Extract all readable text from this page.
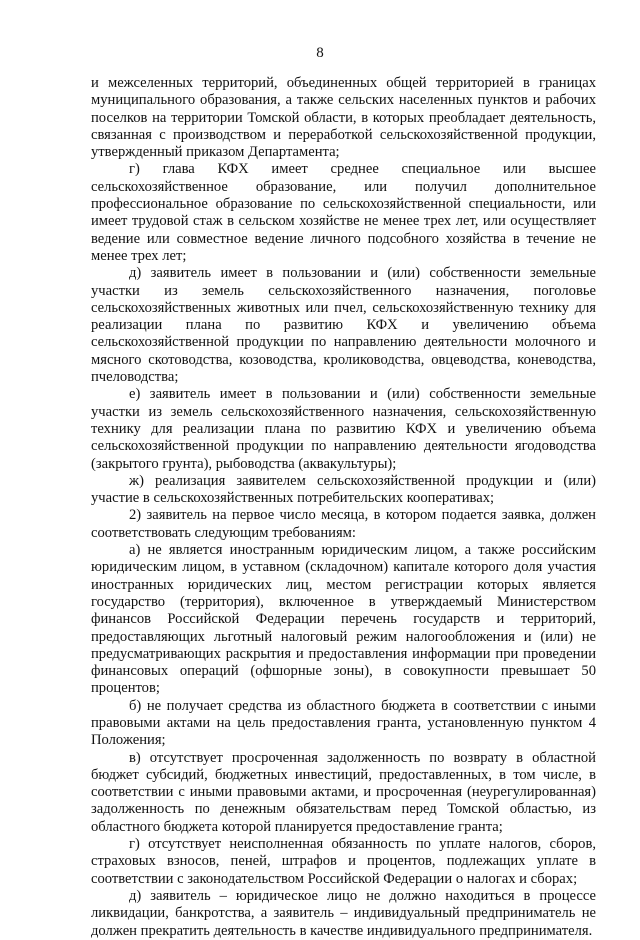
8

и межселенных территорий, объединенных общей территорией в границах муниципального образования, а также сельских населенных пунктов и рабочих поселков на территории Томской области, в которых преобладает деятельность, связанная с производством и переработкой сельскохозяйственной продукции, утвержденный приказом Департамента;

г) глава КФХ имеет среднее специальное или высшее сельскохозяйственное образование, или получил дополнительное профессиональное образование по сельскохозяйственной специальности, или имеет трудовой стаж в сельском хозяйстве не менее трех лет, или осуществляет ведение или совместное ведение личного подсобного хозяйства в течение не менее трех лет;

д) заявитель имеет в пользовании и (или) собственности земельные участки из земель сельскохозяйственного назначения, поголовье сельскохозяйственных животных или пчел, сельскохозяйственную технику для реализации плана по развитию КФХ и увеличению объема сельскохозяйственной продукции по направлению деятельности молочного и мясного скотоводства, козоводства, кролиководства, овцеводства, коневодства, пчеловодства;

е) заявитель имеет в пользовании и (или) собственности земельные участки из земель сельскохозяйственного назначения, сельскохозяйственную технику для реализации плана по развитию КФХ и увеличению объема сельскохозяйственной продукции по направлению деятельности ягодоводства (закрытого грунта), рыбоводства (аквакультуры);

ж) реализация заявителем сельскохозяйственной продукции и (или) участие в сельскохозяйственных потребительских кооперативах;

2) заявитель на первое число месяца, в котором подается заявка, должен соответствовать следующим требованиям:

а) не является иностранным юридическим лицом, а также российским юридическим лицом, в уставном (складочном) капитале которого доля участия иностранных юридических лиц, местом регистрации которых является государство (территория), включенное в утверждаемый Министерством финансов Российской Федерации перечень государств и территорий, предоставляющих льготный налоговый режим налогообложения и (или) не предусматривающих раскрытия и предоставления информации при проведении финансовых операций (офшорные зоны), в совокупности превышает 50 процентов;

б) не получает средства из областного бюджета в соответствии с иными правовыми актами на цель предоставления гранта, установленную пунктом 4 Положения;

в) отсутствует просроченная задолженность по возврату в областной бюджет субсидий, бюджетных инвестиций, предоставленных, в том числе, в соответствии с иными правовыми актами, и просроченная (неурегулированная) задолженность по денежным обязательствам перед Томской областью, из областного бюджета которой планируется предоставление гранта;

г) отсутствует неисполненная обязанность по уплате налогов, сборов, страховых взносов, пеней, штрафов и процентов, подлежащих уплате в соответствии с законодательством Российской Федерации о налогах и сборах;

д) заявитель – юридическое лицо не должно находиться в процессе ликвидации, банкротства, а заявитель – индивидуальный предприниматель не должен прекратить деятельность в качестве индивидуального предпринимателя.
